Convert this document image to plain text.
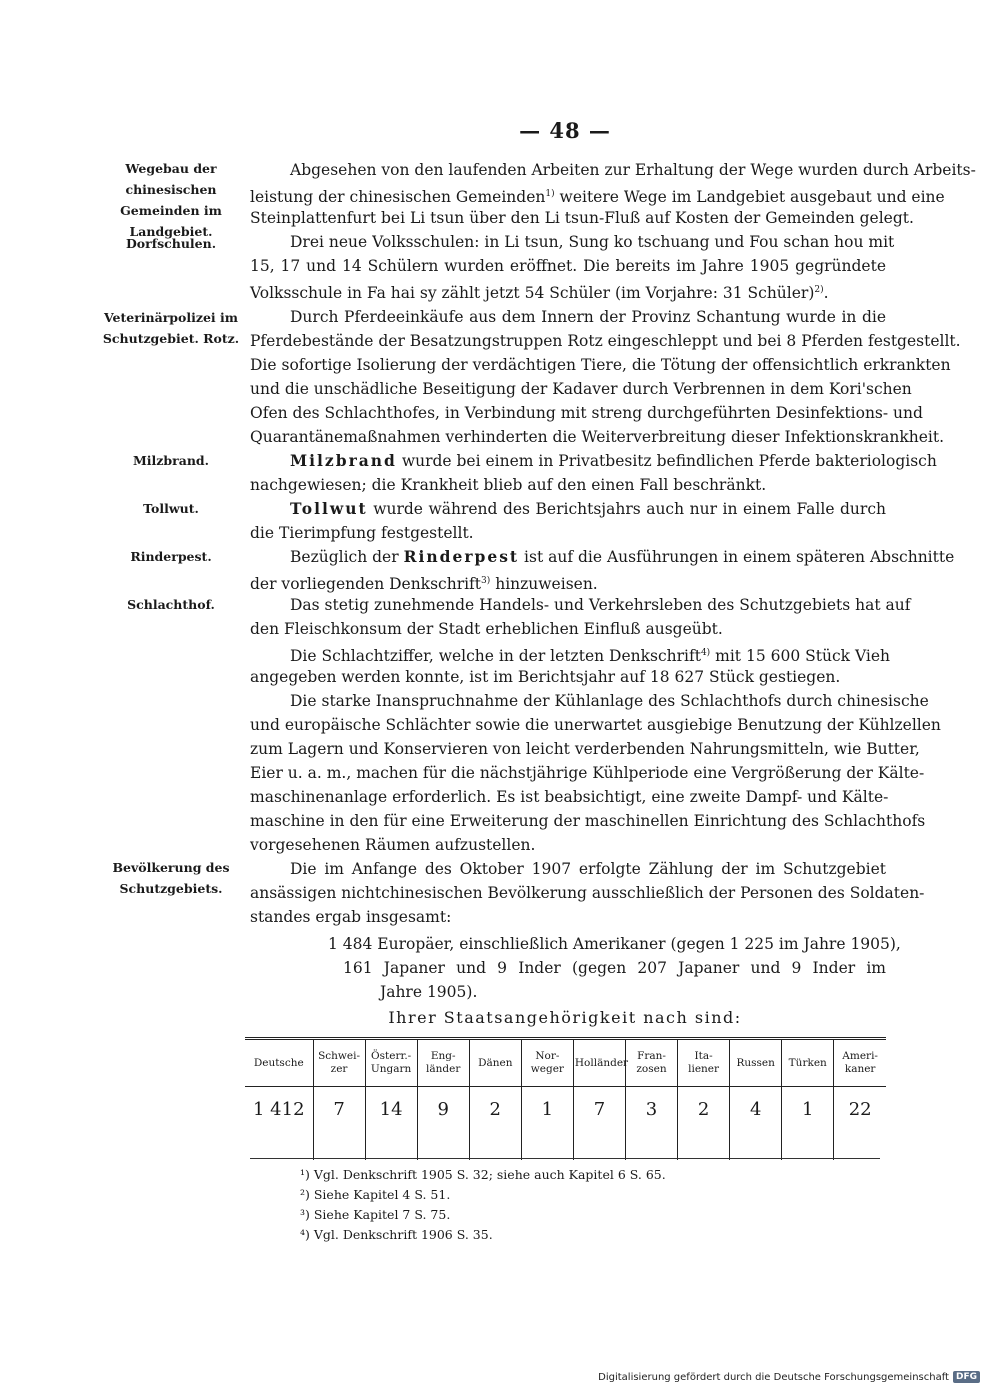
— 48 —
Wegebau der chinesischen Gemeinden im Landgebiet.
Dorfschulen.
Veterinärpolizei im Schutzgebiet. Rotz.
Milzbrand.
Tollwut.
Rinderpest.
Schlachthof.
Bevölkerung des Schutzgebiets.
Abgesehen von den laufenden Arbeiten zur Erhaltung der Wege wurden durch Arbeits-
leistung der chinesischen Gemeinden$^{1)}$ weitere Wege im Landgebiet ausgebaut und eine
Steinplattenfurt bei Li tsun über den Li tsun-Fluß auf Kosten der Gemeinden gelegt.
Drei neue Volksschulen: in Li tsun, Sung ko tschuang und Fou schan hou mit
15, 17 und 14 Schülern wurden eröffnet. Die bereits im Jahre 1905 gegründete
Volksschule in Fa hai sy zählt jetzt 54 Schüler (im Vorjahre: 31 Schüler)$^{2)}$.
Durch Pferdeeinkäufe aus dem Innern der Provinz Schantung wurde in die
Pferdebestände der Besatzungstruppen Rotz eingeschleppt und bei 8 Pferden festgestellt.
Die sofortige Isolierung der verdächtigen Tiere, die Tötung der offensichtlich erkrankten
und die unschädliche Beseitigung der Kadaver durch Verbrennen in dem Kori'schen
Ofen des Schlachthofes, in Verbindung mit streng durchgeführten Desinfektions- und
Quarantänemaßnahmen verhinderten die Weiterverbreitung dieser Infektionskrankheit.
Milzbrand wurde bei einem in Privatbesitz befindlichen Pferde bakteriologisch
nachgewiesen; die Krankheit blieb auf den einen Fall beschränkt.
Tollwut wurde während des Berichtsjahrs auch nur in einem Falle durch
die Tierimpfung festgestellt.
Bezüglich der Rinderpest ist auf die Ausführungen in einem späteren Abschnitte
der vorliegenden Denkschrift$^{3)}$ hinzuweisen.
Das stetig zunehmende Handels- und Verkehrsleben des Schutzgebiets hat auf
den Fleischkonsum der Stadt erheblichen Einfluß ausgeübt.
Die Schlachtziffer, welche in der letzten Denkschrift$^{4)}$ mit 15 600 Stück Vieh
angegeben werden konnte, ist im Berichtsjahr auf 18 627 Stück gestiegen.
Die starke Inanspruchnahme der Kühlanlage des Schlachthofs durch chinesische
und europäische Schlächter sowie die unerwartet ausgiebige Benutzung der Kühlzellen
zum Lagern und Konservieren von leicht verderbenden Nahrungsmitteln, wie Butter,
Eier u. a. m., machen für die nächstjährige Kühlperiode eine Vergrößerung der Kälte-
maschinenanlage erforderlich. Es ist beabsichtigt, eine zweite Dampf- und Kälte-
maschine in den für eine Erweiterung der maschinellen Einrichtung des Schlachthofs
vorgesehenen Räumen aufzustellen.
Die im Anfange des Oktober 1907 erfolgte Zählung der im Schutzgebiet
ansässigen nichtchinesischen Bevölkerung ausschließlich der Personen des Soldaten-
standes ergab insgesamt:
1 484 Europäer, einschließlich Amerikaner (gegen 1 225 im Jahre 1905),
161 Japaner und 9 Inder (gegen 207 Japaner und 9 Inder im
Jahre 1905).
Ihrer Staatsangehörigkeit nach sind:
Deutsche	Schwei-zer	Österr.-Ungarn	Eng-länder	Dänen	Nor-weger	Holländer	Fran-zosen	Ita-liener	Russen	Türken	Ameri-kaner
1 412	7	14	9	2	1	7	3	2	4	1	22
¹) Vgl. Denkschrift 1905 S. 32; siehe auch Kapitel 6 S. 65.
²) Siehe Kapitel 4 S. 51.
³) Siehe Kapitel 7 S. 75.
⁴) Vgl. Denkschrift 1906 S. 35.
Digitalisierung gefördert durch die Deutsche Forschungsgemeinschaft DFG
